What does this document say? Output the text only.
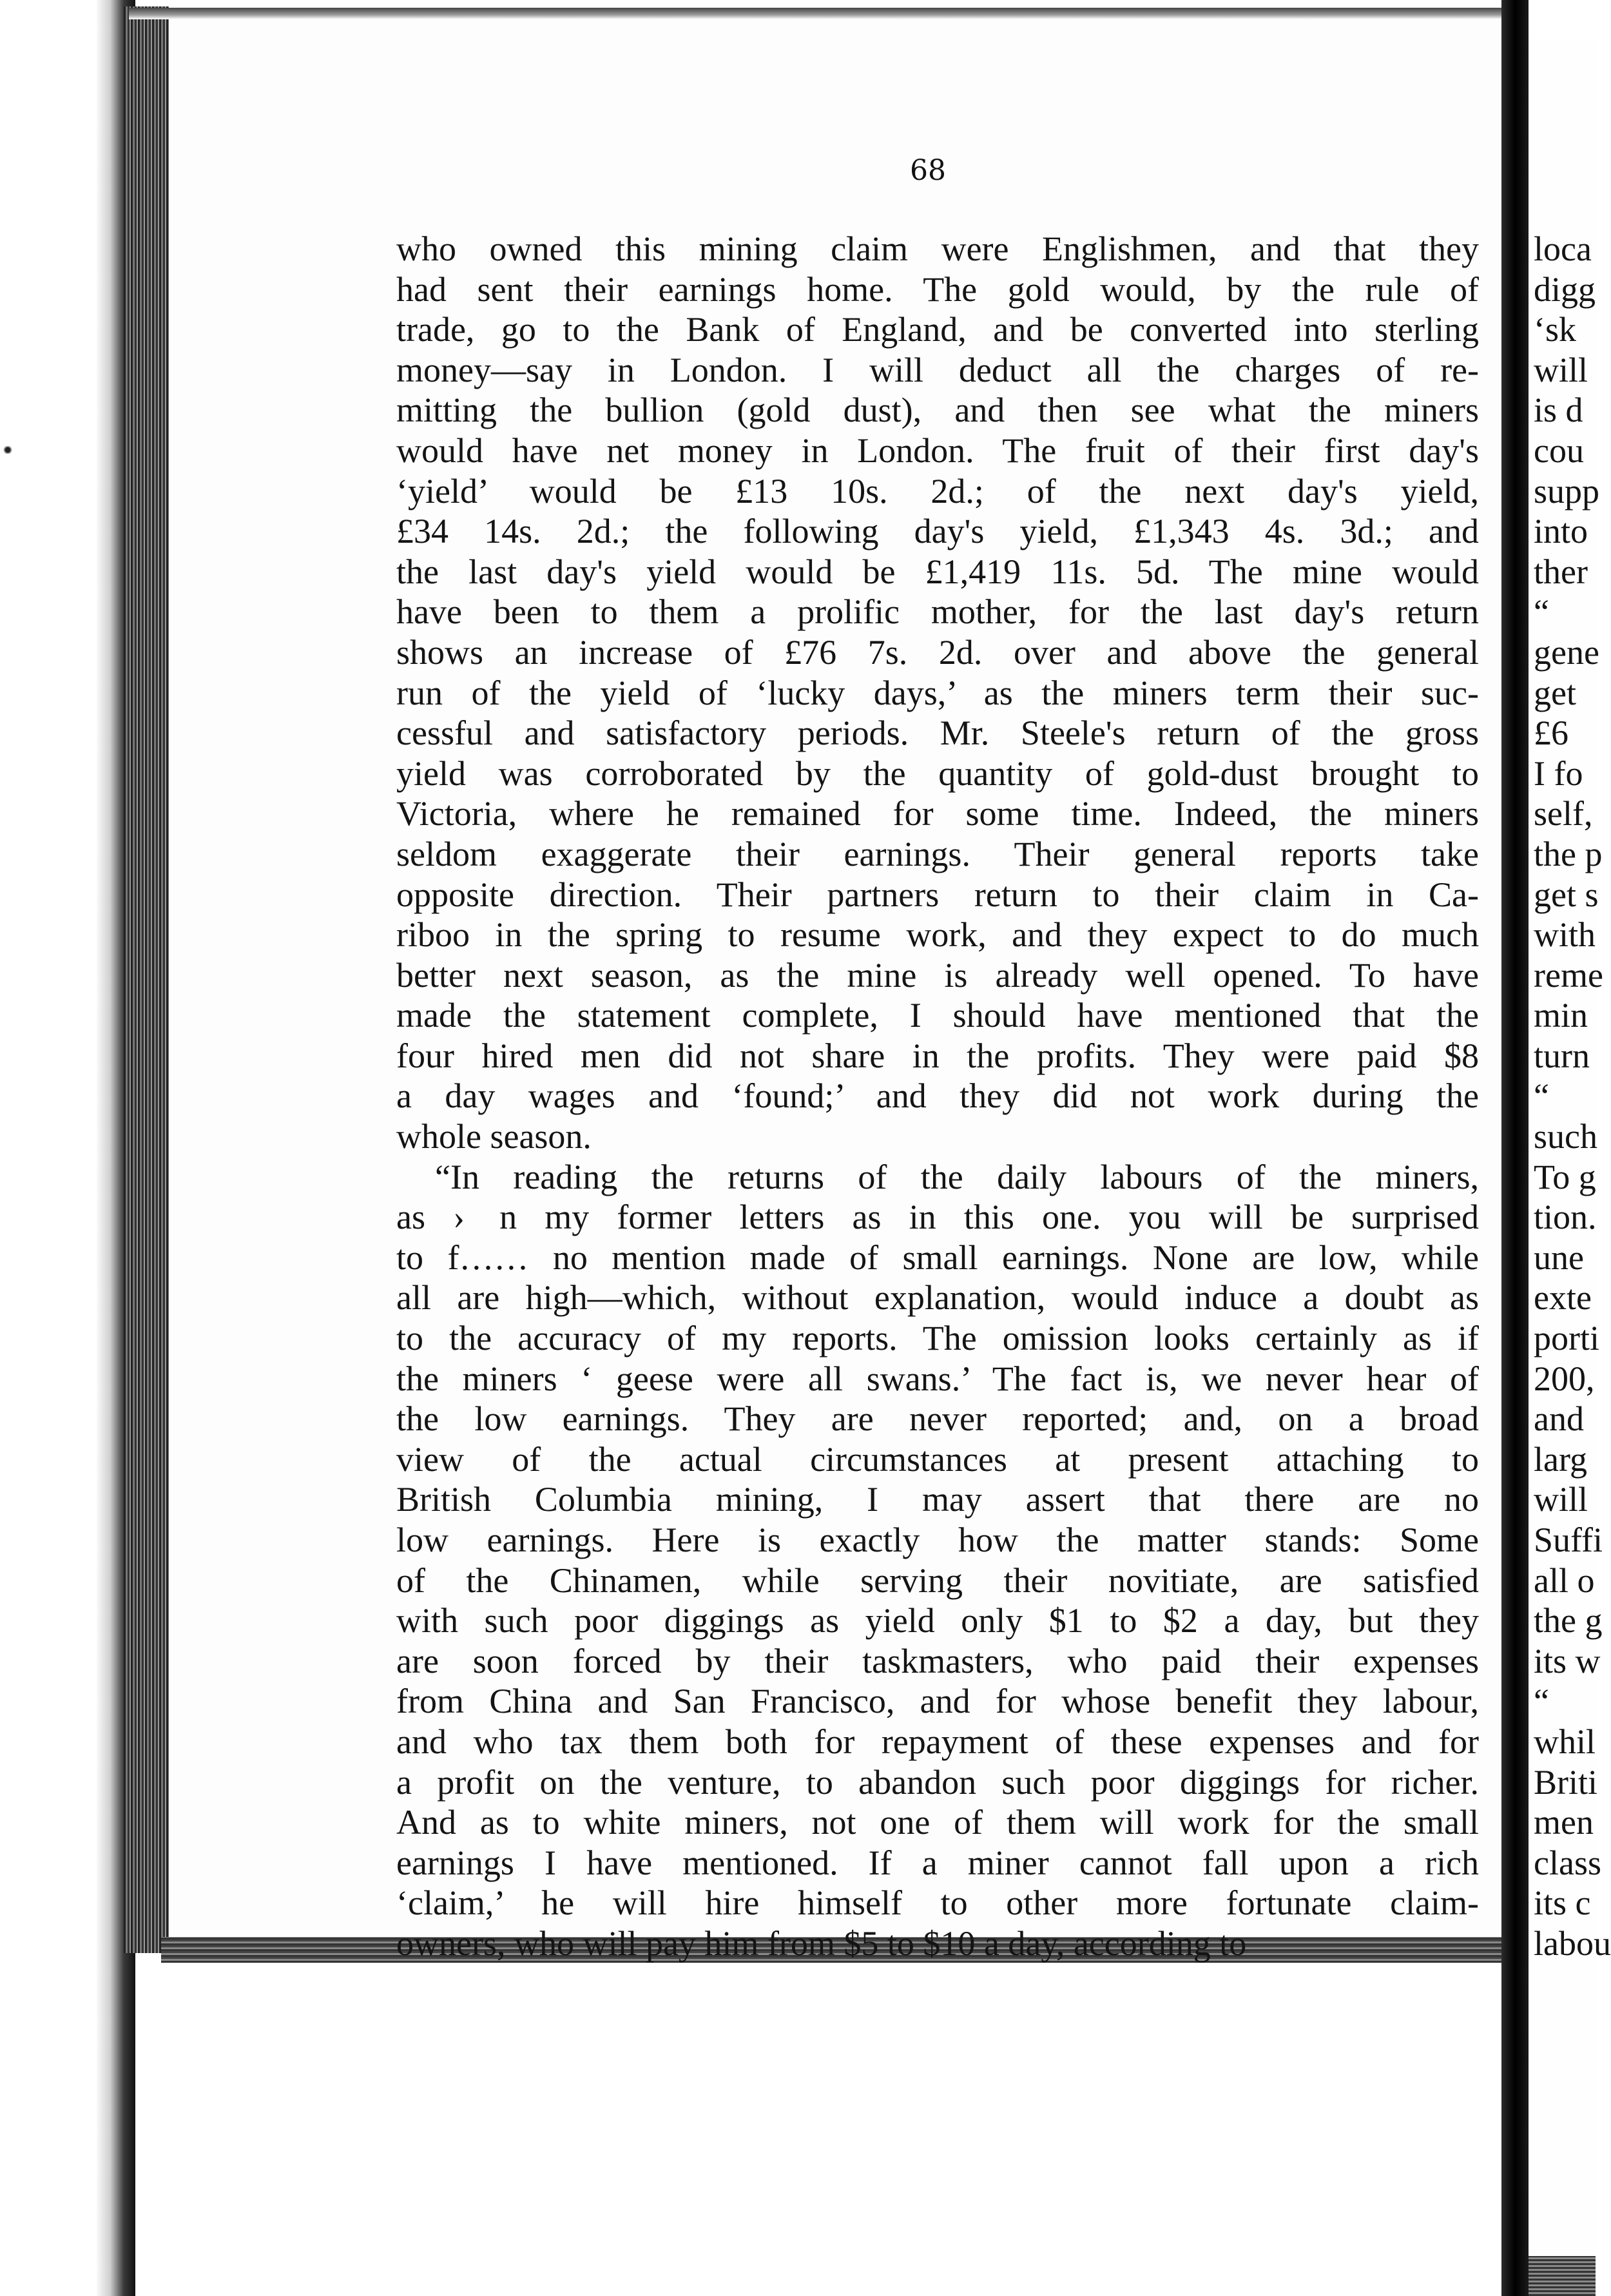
68
who owned this mining claim were Englishmen, and that they
had sent their earnings home. The gold would, by the rule of
trade, go to the Bank of England, and be converted into sterling
money—say in London. I will deduct all the charges of re-
mitting the bullion (gold dust), and then see what the miners
would have net money in London. The fruit of their first day's
‘yield’ would be £13 10s. 2d.; of the next day's yield,
£34 14s. 2d.; the following day's yield, £1,343 4s. 3d.; and
the last day's yield would be £1,419 11s. 5d. The mine would
have been to them a prolific mother, for the last day's return
shows an increase of £76 7s. 2d. over and above the general
run of the yield of ‘lucky days,’ as the miners term their suc-
cessful and satisfactory periods. Mr. Steele's return of the gross
yield was corroborated by the quantity of gold-dust brought to
Victoria, where he remained for some time. Indeed, the miners
seldom exaggerate their earnings. Their general reports take
opposite direction. Their partners return to their claim in Ca-
riboo in the spring to resume work, and they expect to do much
better next season, as the mine is already well opened. To have
made the statement complete, I should have mentioned that the
four hired men did not share in the profits. They were paid $8
a day wages and ‘found;’ and they did not work during the
whole season.
“In reading the returns of the daily labours of the miners,
as ›  n my former letters as in this one. you will be surprised
to f…… no mention made of small earnings. None are low, while
all are high—which, without explanation, would induce a doubt as
to the accuracy of my reports. The omission looks certainly as if
the miners ‘ geese were all swans.’ The fact is, we never hear of
the low earnings. They are never reported; and, on a broad
view of the actual circumstances at present attaching to
British Columbia mining, I may assert that there are no
low earnings. Here is exactly how the matter stands: Some
of the Chinamen, while serving their novitiate, are satisfied
with such poor diggings as yield only $1 to $2 a day, but they
are soon forced by their taskmasters, who paid their expenses
from China and San Francisco, and for whose benefit they labour,
and who tax them both for repayment of these expenses and for
a profit on the venture, to abandon such poor diggings for richer.
And as to white miners, not one of them will work for the small
earnings I have mentioned. If a miner cannot fall upon a rich
‘claim,’ he will hire himself to other more fortunate claim-
owners, who will pay him from $5 to $10 a day, according to
loca
digg
‘sk
will
is d
cou
supp
into
ther
“
gene
get
£6
I fo
self,
the p
get s
with
reme
min
turn
“
such
To g
tion.
une
exte
porti
200,
and
larg
will
Suffi
all o
the g
its w
“
whil
Briti
men
class
its c
labou
